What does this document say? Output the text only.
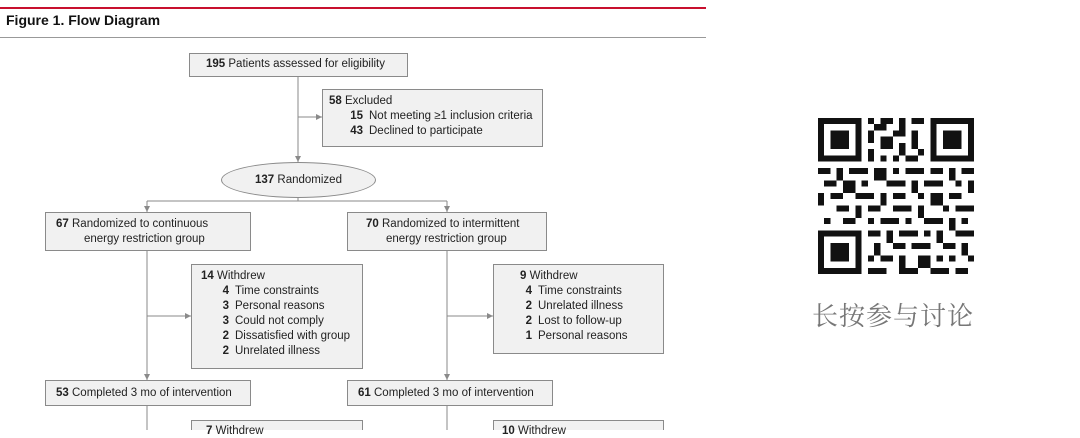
Figure 1. Flow Diagram
195 Patients assessed for eligibility
58 Excluded
15 Not meeting ≥1 inclusion criteria
43 Declined to participate
137
Randomized
67 Randomized to continuous
energy restriction group
70 Randomized to intermittent
energy restriction group
14 Withdrew
4 Time constraints
3 Personal reasons
3 Could not comply
2 Dissatisfied with group
2 Unrelated illness
9 Withdrew
4 Time constraints
2 Unrelated illness
2 Lost to follow-up
1 Personal reasons
53 Completed 3 mo of intervention	61 Completed 3 mo of intervention
7 Withdrew	10 Withdrew
长按参与讨论
